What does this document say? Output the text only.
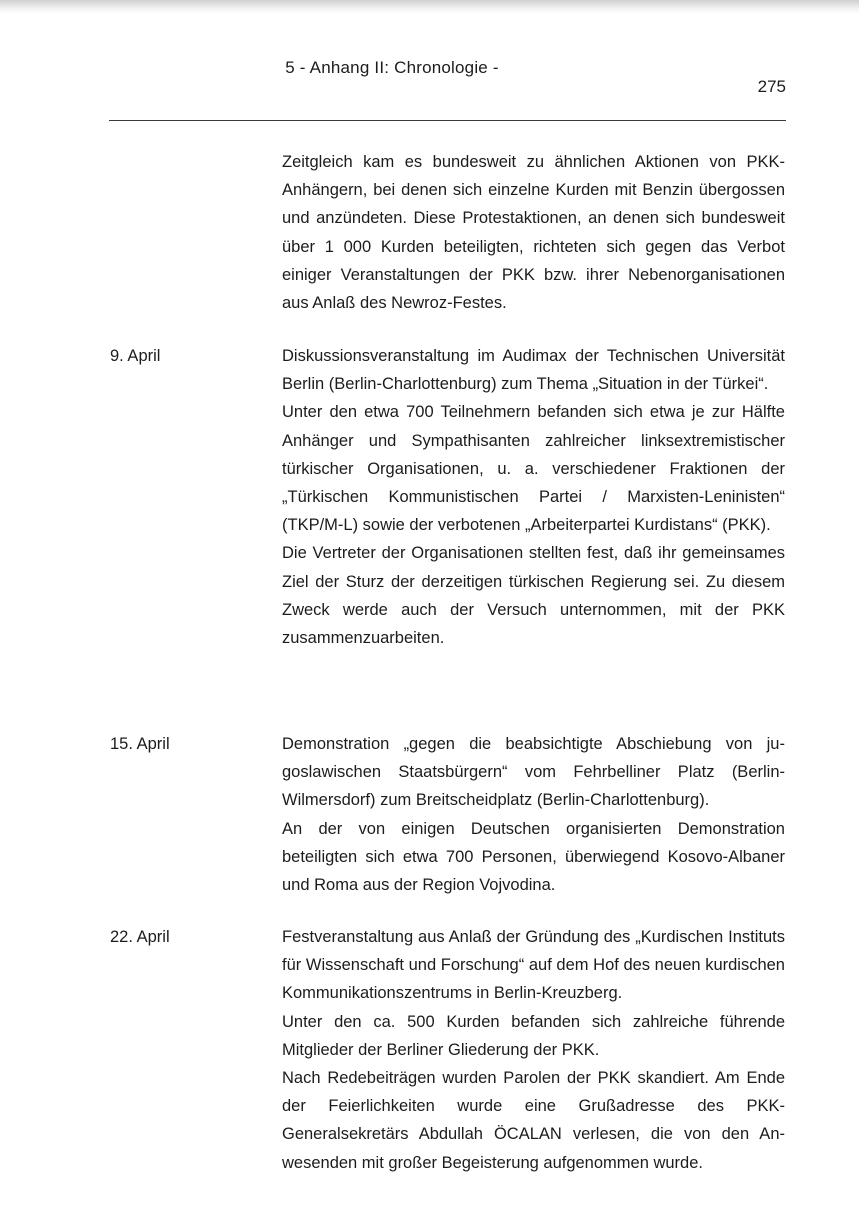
5 - Anhang II: Chronologie -
275

Zeitgleich kam es bundesweit zu ähnlichen Aktionen von PKK-Anhängern, bei denen sich einzelne Kurden mit Benzin übergossen und anzündeten. Diese Protestaktionen, an denen sich bundesweit über 1 000 Kurden beteiligten, richteten sich gegen das Verbot einiger Veranstaltungen der PKK bzw. ihrer Nebenorganisationen aus Anlaß des Newroz-Festes.

9. April	Diskussionsveranstaltung im Audimax der Technischen Universität Berlin (Berlin-Charlottenburg) zum Thema „Situation in der Türkei“.

Unter den etwa 700 Teilnehmern befanden sich etwa je zur Hälfte Anhänger und Sympathisanten zahlreicher linksextremistischer türkischer Organisationen, u. a. verschiedener Fraktionen der „Türkischen Kommunistischen Partei / Marxisten-Leninisten“ (TKP/M-L) sowie der verbotenen „Arbeiterpartei Kurdistans“ (PKK).

Die Vertreter der Organisationen stellten fest, daß ihr gemeinsames Ziel der Sturz der derzeitigen türkischen Regierung sei. Zu diesem Zweck werde auch der Versuch unternommen, mit der PKK zusammenzuarbeiten.

15. April	Demonstration „gegen die beabsichtigte Abschiebung von jugoslawischen Staatsbürgern“ vom Fehrbelliner Platz (Berlin-Wilmersdorf) zum Breitscheidplatz (Berlin-Charlottenburg).

An der von einigen Deutschen organisierten Demonstration beteiligten sich etwa 700 Personen, überwiegend Kosovo-Albaner und Roma aus der Region Vojvodina.

22. April	Festveranstaltung aus Anlaß der Gründung des „Kurdischen Instituts für Wissenschaft und Forschung“ auf dem Hof des neuen kurdischen Kommunikationszentrums in Berlin-Kreuzberg.

Unter den ca. 500 Kurden befanden sich zahlreiche führende Mitglieder der Berliner Gliederung der PKK.

Nach Redebeiträgen wurden Parolen der PKK skandiert. Am Ende der Feierlichkeiten wurde eine Grußadresse des PKK-Generalsekretärs Abdullah ÖCALAN verlesen, die von den Anwesenden mit großer Begeisterung aufgenommen wurde.
